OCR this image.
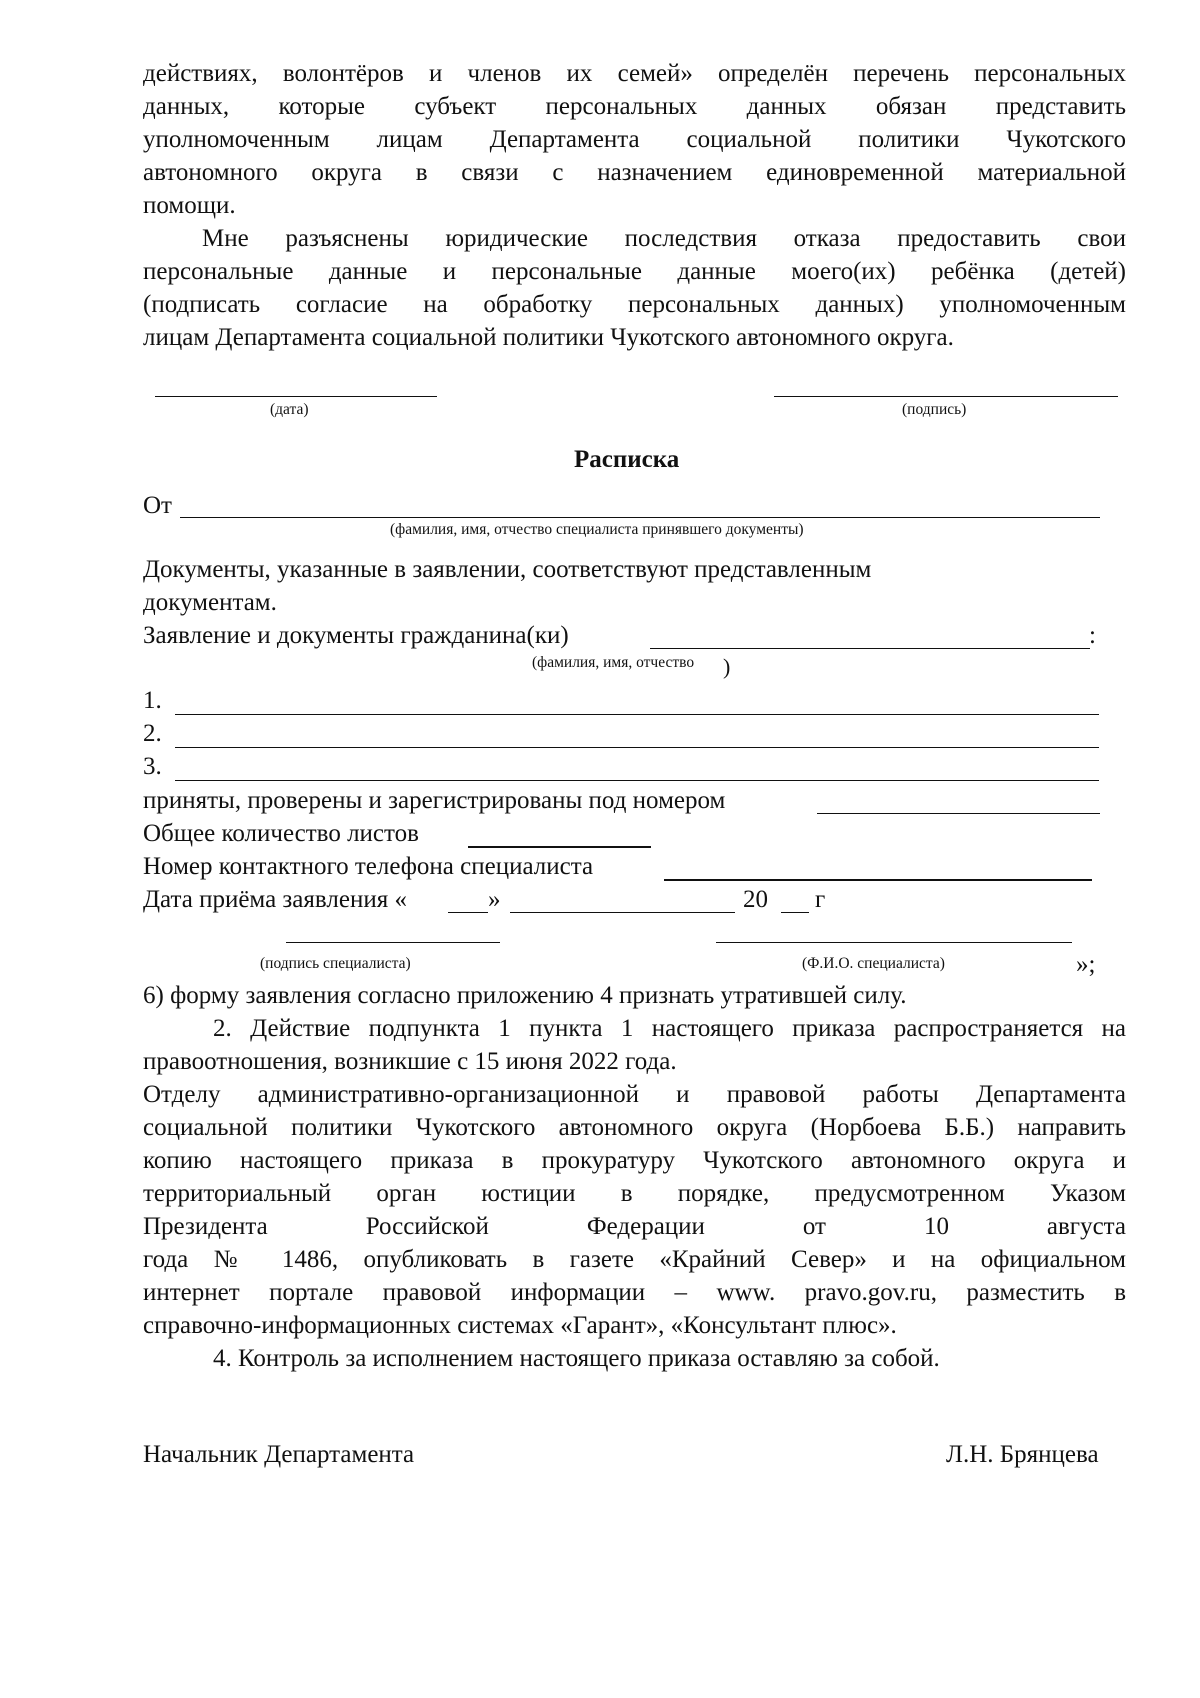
действиях, волонтёров и членов их семей» определён перечень персональных
данных, которые субъект персональных данных обязан представить
уполномоченным лицам Департамента социальной политики Чукотского
автономного округа в связи с назначением единовременной материальной
помощи.
Мне разъяснены юридические последствия отказа предоставить свои
персональные данные и персональные данные моего(их) ребёнка (детей)
(подписать согласие на обработку персональных данных) уполномоченным
лицам Департамента социальной политики Чукотского автономного округа.
(дата)	(подпись)
Расписка
От
(фамилия, имя, отчество специалиста принявшего документы)
Документы, указанные в заявлении, соответствуют представленным
документам.
Заявление и документы гражданина(ки)	:
(фамилия, имя, отчество )
1.
2.
3.
приняты, проверены и зарегистрированы под номером
Общее количество листов
Номер контактного телефона специалиста
Дата приёма заявления «	»	20 г
(подпись специалиста)	(Ф.И.О. специалиста)	»;
6) форму заявления согласно приложению 4 признать утратившей силу.
2. Действие подпункта 1 пункта 1 настоящего приказа распространяется на
правоотношения, возникшие с 15 июня 2022 года.
Отделу административно-организационной и правовой работы Департамента
социальной политики Чукотского автономного округа (Норбоева Б.Б.) направить
копию настоящего приказа в прокуратуру Чукотского автономного округа и
территориальный орган юстиции в порядке, предусмотренном Указом
Президента Российской Федерации от 10 августа
года № 1486, опубликовать в газете «Крайний Север» и на официальном
интернет портале правовой информации – www. pravo.gov.ru, разместить в
справочно-информационных системах «Гарант», «Консультант плюс».
4. Контроль за исполнением настоящего приказа оставляю за собой.
Начальник Департамента	Л.Н. Брянцева
